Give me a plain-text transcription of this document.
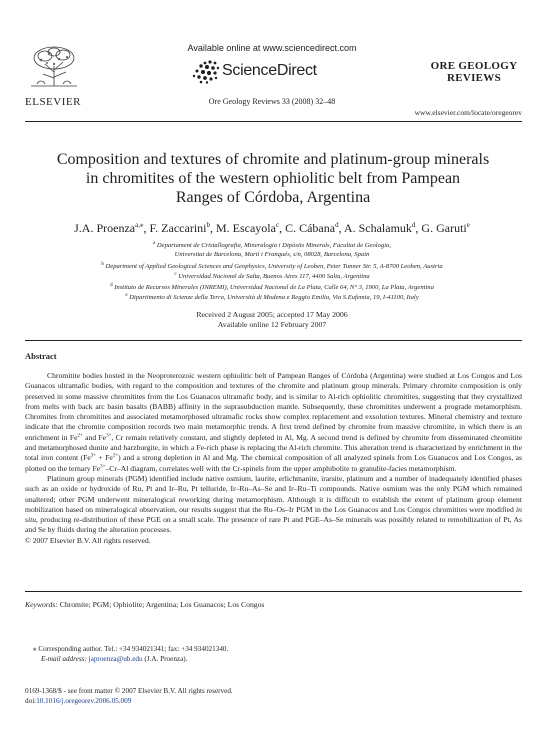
ELSEVIER
Available online at www.sciencedirect.com
ScienceDirect
Ore Geology Reviews 33 (2008) 32–48
ORE GEOLOGY
REVIEWS
www.elsevier.com/locate/oregeorev
Composition and textures of chromite and platinum-group minerals
in chromitites of the western ophiolitic belt from Pampean
Ranges of Córdoba, Argentina
J.A. Proenza$^{a,⁎}$, F. Zaccarini$^b$, M. Escayola$^c$, C. Cábana$^d$, A. Schalamuk$^d$, G. Garuti$^e$
$^a$ Departament de Cristallografia, Mineralogia i Dipòsits Minerals, Facultat de Geologia,
Universitat de Barcelona, Martí i Franqués, s/n, 08028, Barcelona, Spain
$^b$ Department of Applied Geological Sciences and Geophysics, University of Leoben, Peter Tunner Str. 5, A-8700 Leoben, Austria
$^c$ Universidad Nacional de Salta, Buenos Aires 117, 4400 Salta, Argentina
$^d$ Instituto de Recursos Minerales (INREMI), Universidad Nacional de La Plata, Calle 64, N° 3, 1900, La Plata, Argentina
$^e$ Dipartimento di Scienze della Terra, Università di Modena e Reggio Emilia, Via S.Eufemia, 19, I-41100, Italy
Received 2 August 2005; accepted 17 May 2006
Available online 12 February 2007
Abstract

Chromitite bodies hosted in the Neoproterozoic western ophiolitic belt of Pampean Ranges of Córdoba (Argentina) were studied at Los Congos and Los Guanacos ultramafic bodies, with regard to the composition and textures of the chromite and platinum group minerals. Primary chromite composition is only preserved in some massive chromitites from the Los Guanacos ultramafic body, and is similar to Al-rich ophiolitic chromitites, suggesting that they crystallized from melts with back arc basin basalts (BABB) affinity in the suprasubduction mantle. Subsequently, these chromitites underwent a prograde metamorphism. Chromites from chromitites and associated metamorphosed ultramafic rocks show complex replacement and exsolution textures. Mineral chemistry and texture indicate that the chromite composition records two main metamorphic trends. A first trend defined by chromite from massive chromitite, in which there is an enrichment in $Fe^{2+}$ and $Fe^{3+}$, Cr remain relatively constant, and slightly depleted in Al, Mg. A second trend is defined by chromite from disseminated chromitite and metamorphosed dunite and harzburgite, in which a Fe-rich phase is replacing the Al-rich chromite. This alteration trend is characterized by enrichment in the total iron content $(Fe^{3+} + Fe^{2+})$ and a strong depletion in Al and Mg. The chemical composition of all analyzed spinels from Los Guanacos and Los Congos, as plotted on the ternary $Fe^{3+}-Cr-Al$ diagram, correlates well with the Cr-spinels from the upper amphibolite to granulite-facies metamorphism.

Platinum group minerals (PGM) identified include native osmium, laurite, erlichmanite, irarsite, platinum and a number of inadequately identified phases such as an oxide or hydroxide of Ru, Pt and Ir–Ru, Pt telluride, Ir–Ru–As–Se and Ir–Ru–Ti compounds. Native osmium was the only PGM which remained unaltered; other PGM underwent mineralogical reworking during metamorphism. Although it is difficult to establish the extent of platinum group element mobilization based on mineralogical observation, our results suggest that the Ru–Os–Ir PGM in the Los Guanacos and Los Congos chromitites were modified in situ, producing re-distribution of these PGE on a small scale. The presence of rare Pt and PGE–As–Se minerals was possibly related to remobilization of Pt, As and Se by fluids during the alteration processes.

© 2007 Elsevier B.V. All rights reserved.

Keywords: Chromite; PGM; Ophiolite; Argentina; Los Guanacos; Los Congos
⁎ Corresponding author. Tel.: +34 934021341; fax: +34 934021340.
E-mail address: japroenza@ub.edu (J.A. Proenza).
0169-1368/$ - see front matter © 2007 Elsevier B.V. All rights reserved.
doi:10.1016/j.oregeorev.2006.05.009
